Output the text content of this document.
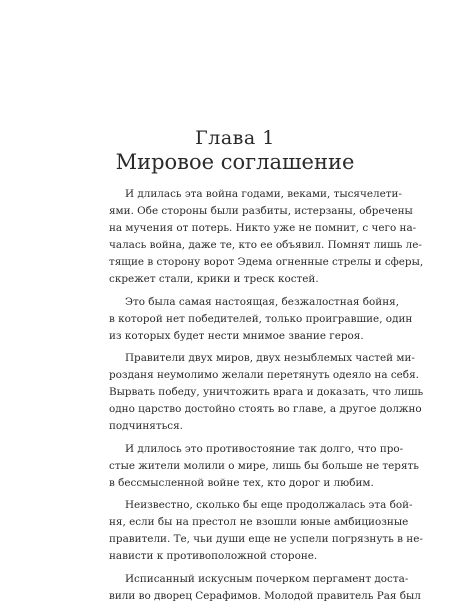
Глава 1
Мировое соглашение
И длилась эта война годами, веками, тысячелети-
ями. Обе стороны были разбиты, истерзаны, обречены
на мучения от потерь. Никто уже не помнит, с чего на-
чалась война, даже те, кто ее объявил. Помнят лишь ле-
тящие в сторону ворот Эдема огненные стрелы и сферы,
скрежет стали, крики и треск костей.
Это была самая настоящая, безжалостная бойня,
в которой нет победителей, только проигравшие, один
из которых будет нести мнимое звание героя.
Правители двух миров, двух незыблемых частей ми-
розданя неумолимо желали перетянуть одеяло на себя.
Вырвать победу, уничтожить врага и доказать, что лишь
одно царство достойно стоять во главе, а другое должно
подчиняться.
И длилось это противостояние так долго, что про-
стые жители молили о мире, лишь бы больше не терять
в бессмысленной войне тех, кто дорог и любим.
Неизвестно, сколько бы еще продолжалась эта бой-
ня, если бы на престол не взошли юные амбициозные
правители. Те, чьи души еще не успели погрязнуть в не-
нависти к противоположной стороне.
Исписанный искусным почерком пергамент доста-
вили во дворец Серафимов. Молодой правитель Рая был
